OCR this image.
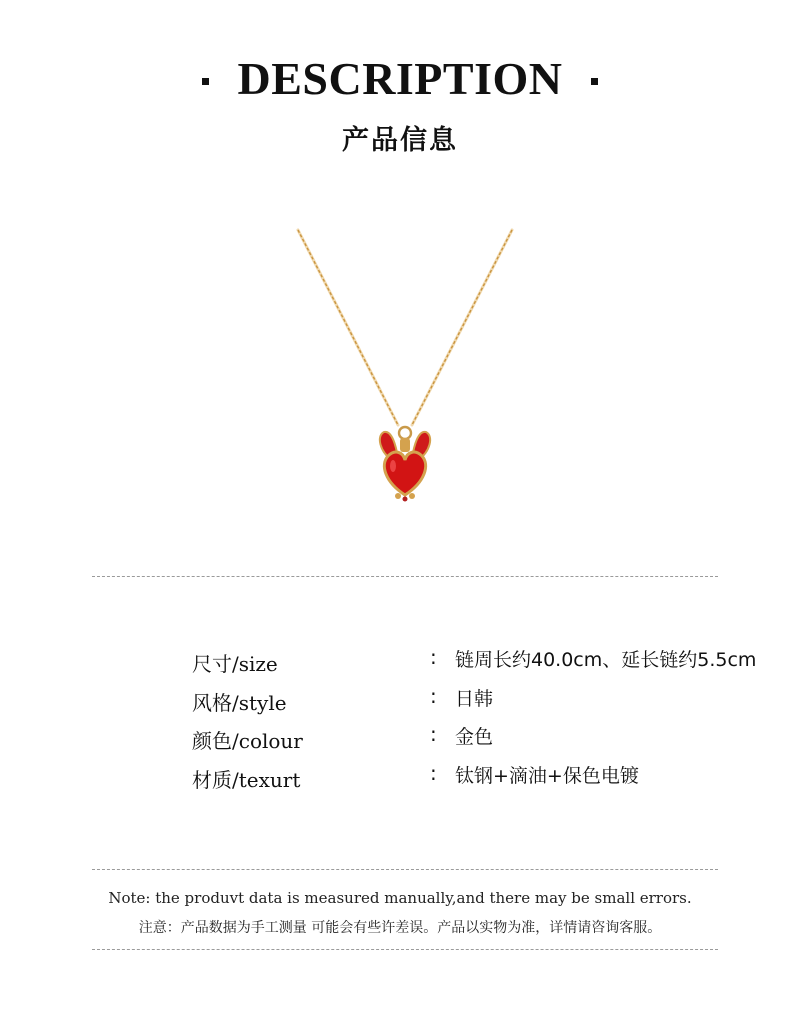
DESCRIPTION
产品信息
尺寸/size	: 链周长约40.0cm、延长链约5.5cm
风格/style	: 日韩
颜色/colour	: 金色
材质/texurt	: 钛钢+滴油+保色电镀
Note: the produvt data is measured manually,and there may be small errors.
注意：产品数据为手工测量 可能会有些许差误。产品以实物为准，详情请咨询客服。
